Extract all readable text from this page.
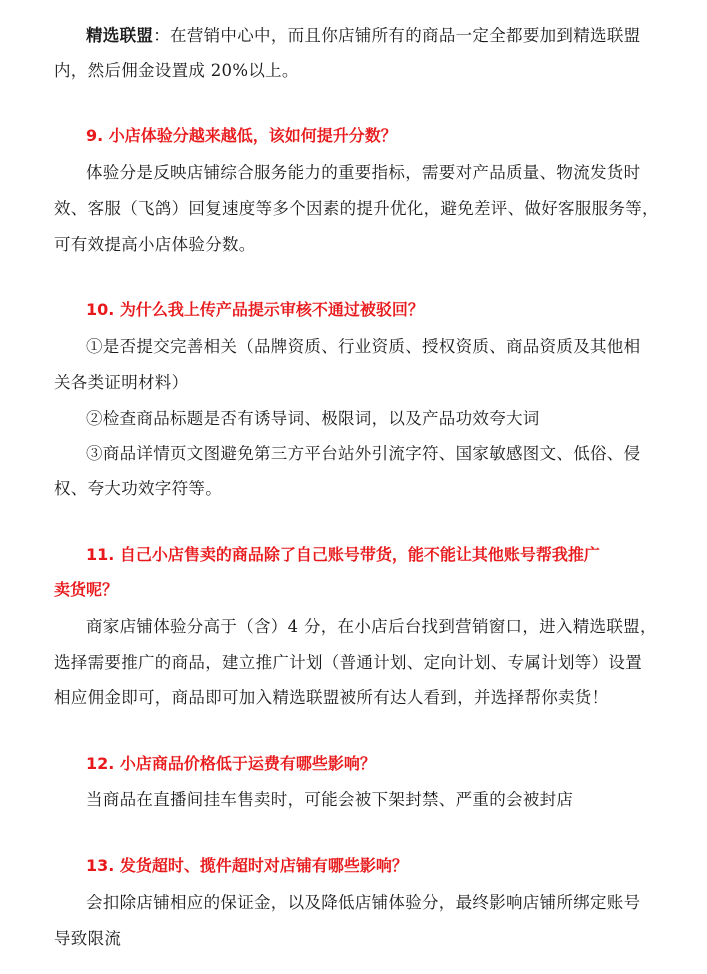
精选联盟：在营销中心中，而且你店铺所有的商品一定全都要加到精选联盟
内，然后佣金设置成 20%以上。
9. 小店体验分越来越低，该如何提升分数？
体验分是反映店铺综合服务能力的重要指标，需要对产品质量、物流发货时
效、客服（飞鸽）回复速度等多个因素的提升优化，避免差评、做好客服服务等，
可有效提高小店体验分数。
10. 为什么我上传产品提示审核不通过被驳回？
①是否提交完善相关（品牌资质、行业资质、授权资质、商品资质及其他相
关各类证明材料）
②检查商品标题是否有诱导词、极限词，以及产品功效夸大词
③商品详情页文图避免第三方平台站外引流字符、国家敏感图文、低俗、侵
权、夸大功效字符等。
11. 自己小店售卖的商品除了自己账号带货，能不能让其他账号帮我推广
卖货呢？
商家店铺体验分高于（含）4 分，在小店后台找到营销窗口，进入精选联盟，
选择需要推广的商品，建立推广计划（普通计划、定向计划、专属计划等）设置
相应佣金即可，商品即可加入精选联盟被所有达人看到，并选择帮你卖货！
12. 小店商品价格低于运费有哪些影响？
当商品在直播间挂车售卖时，可能会被下架封禁、严重的会被封店
13. 发货超时、揽件超时对店铺有哪些影响？
会扣除店铺相应的保证金，以及降低店铺体验分，最终影响店铺所绑定账号
导致限流
